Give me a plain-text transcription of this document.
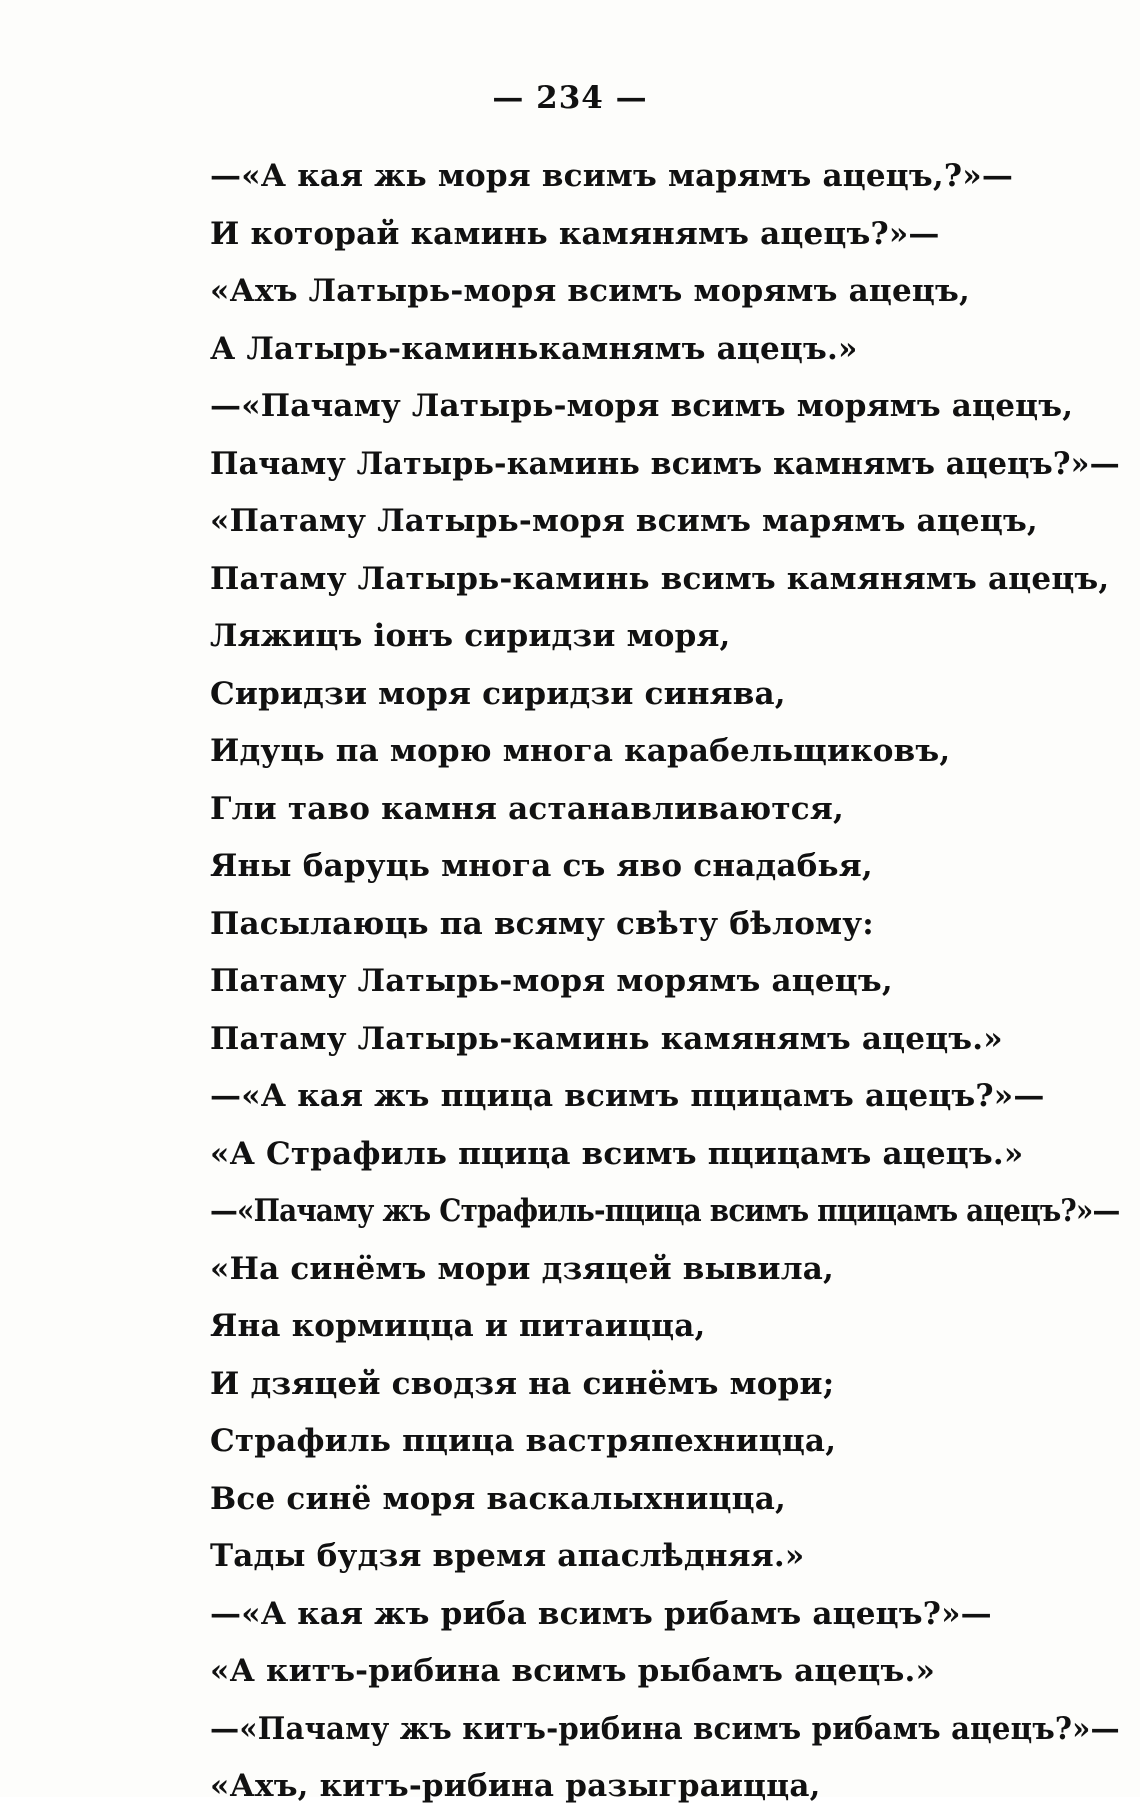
— 234 —
—«А кая жь моря всимъ марямъ ацецъ,?»—
И которай каминь камянямъ ацецъ?»—
«Ахъ Латырь-моря всимъ морямъ ацецъ,
А Латырь-каминькамнямъ ацецъ.»
—«Пачаму Латырь-моря всимъ морямъ ацецъ,
Пачаму Латырь-каминь всимъ камнямъ ацецъ?»—
«Патаму Латырь-моря всимъ марямъ ацецъ,
Патаму Латырь-каминь всимъ камянямъ ацецъ,
Ляжицъ іонъ сиридзи моря,
Сиридзи моря сиридзи синява,
Идуць па морю многа карабельщиковъ,
Гли таво камня астанавливаются,
Яны баруць многа съ яво снадабья,
Пасылаюць па всяму свѣту бѣлому:
Патаму Латырь-моря морямъ ацецъ,
Патаму Латырь-каминь камянямъ ацецъ.»
—«А кая жъ пцица всимъ пцицамъ ацецъ?»—
«А Страфиль пцица всимъ пцицамъ ацецъ.»
—«Пачаму жъ Страфиль-пцица всимъ пцицамъ ацецъ?»—
«На синёмъ мори дзяцей вывила,
Яна кормицца и питаицца,
И дзяцей сводзя на синёмъ мори;
Страфиль пцица вастряпехницца,
Все синё моря васкалыхницца,
Тады будзя время апаслѣдняя.»
—«А кая жъ риба всимъ рибамъ ацецъ?»—
«А китъ-рибина всимъ рыбамъ ацецъ.»
—«Пачаму жъ китъ-рибина всимъ рибамъ ацецъ?»—
«Ахъ, китъ-рибина разыграицца,
